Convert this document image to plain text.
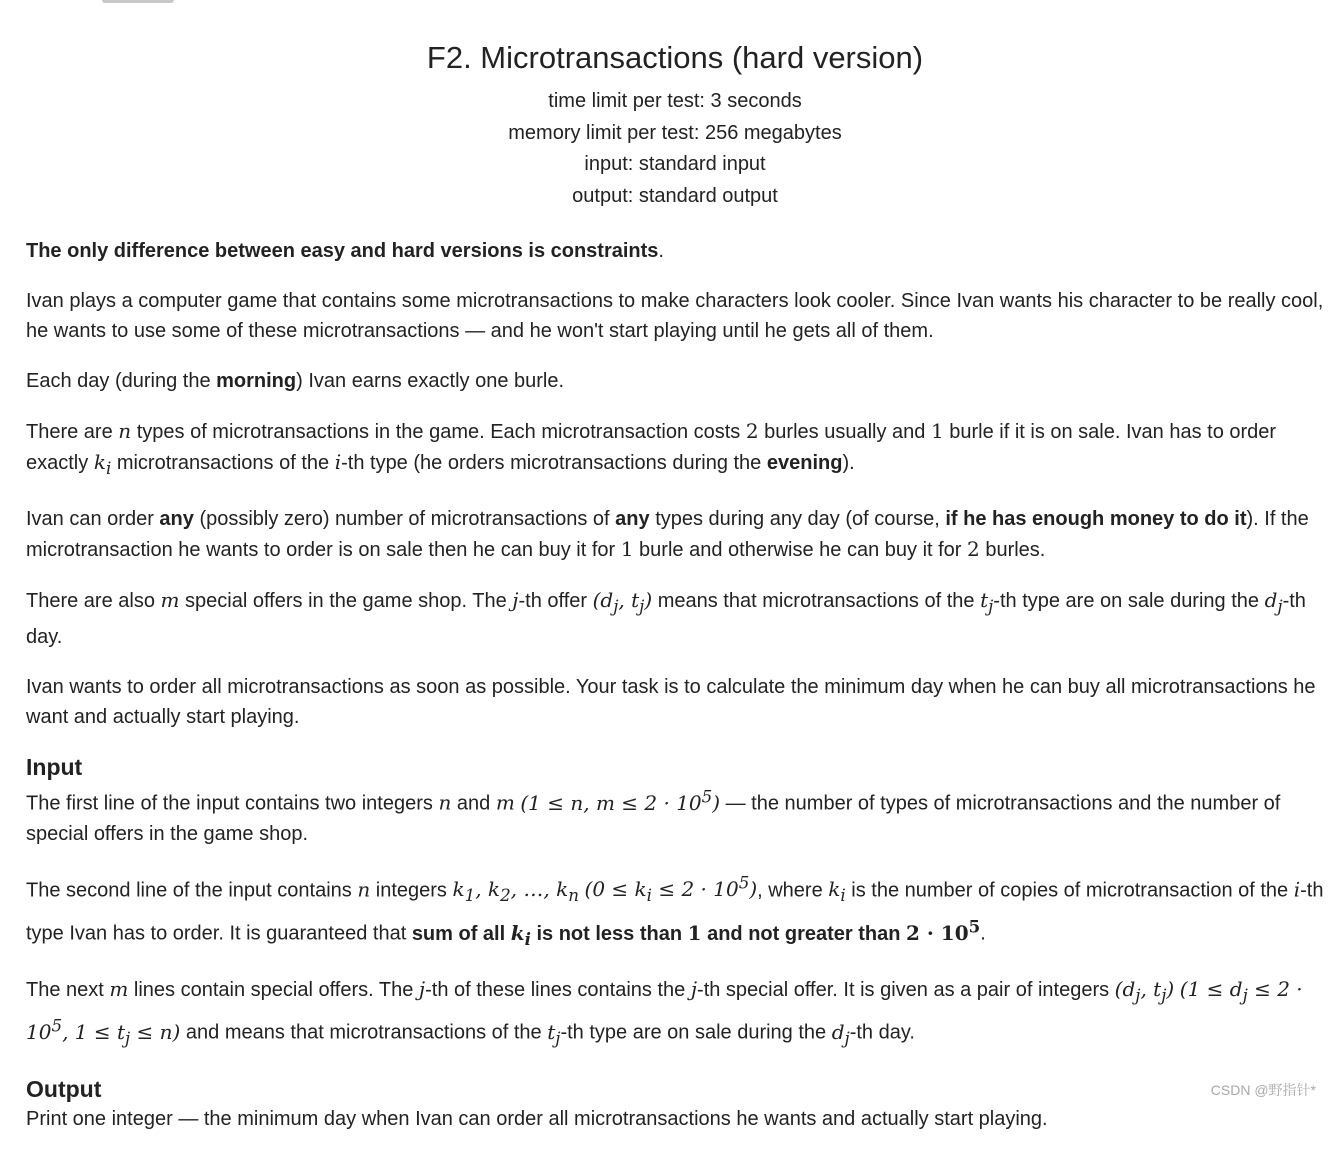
F2. Microtransactions (hard version)
time limit per test: 3 seconds
memory limit per test: 256 megabytes
input: standard input
output: standard output

The only difference between easy and hard versions is constraints.

Ivan plays a computer game that contains some microtransactions to make characters look cooler. Since Ivan wants his character to be really cool, he wants to use some of these microtransactions — and he won't start playing until he gets all of them.

Each day (during the morning) Ivan earns exactly one burle.

There are n types of microtransactions in the game. Each microtransaction costs 2 burles usually and 1 burle if it is on sale. Ivan has to order exactly $k_i$ microtransactions of the i-th type (he orders microtransactions during the evening).

Ivan can order any (possibly zero) number of microtransactions of any types during any day (of course, if he has enough money to do it). If the microtransaction he wants to order is on sale then he can buy it for 1 burle and otherwise he can buy it for 2 burles.

There are also m special offers in the game shop. The j-th offer ($d_j$, $t_j$) means that microtransactions of the $t_j-th$ type are on sale during the $d_j-th$ day.

Ivan wants to order all microtransactions as soon as possible. Your task is to calculate the minimum day when he can buy all microtransactions he want and actually start playing.

Input

The first line of the input contains two integers n and m (1 ≤ n, $m \le 2 \cdot 10^5$) — the number of types of microtransactions and the number of special offers in the game shop.

The second line of the input contains n integers $k_1$, $k_2$, …, $k_n$ $(0 \le k_i \le 2 \cdot 10^5)$, where $k_i$ is the number of copies of microtransaction of the i-th type Ivan has to order. It is guaranteed that sum of all $k_i$ is not less than 1 and not greater than $2 \cdot 10^5$.

The next m lines contain special offers. The j-th of these lines contains the j-th special offer. It is given as a pair of integers ($d_j$, $t_j$) ($1 \le d_j \le 2 \cdot 10^5$, $1 \le t_j \le n$) and means that microtransactions of the $t_j-th$ type are on sale during the $d_j-th$ day.

Output

Print one integer — the minimum day when Ivan can order all microtransactions he wants and actually start playing.

CSDN @野指针*
